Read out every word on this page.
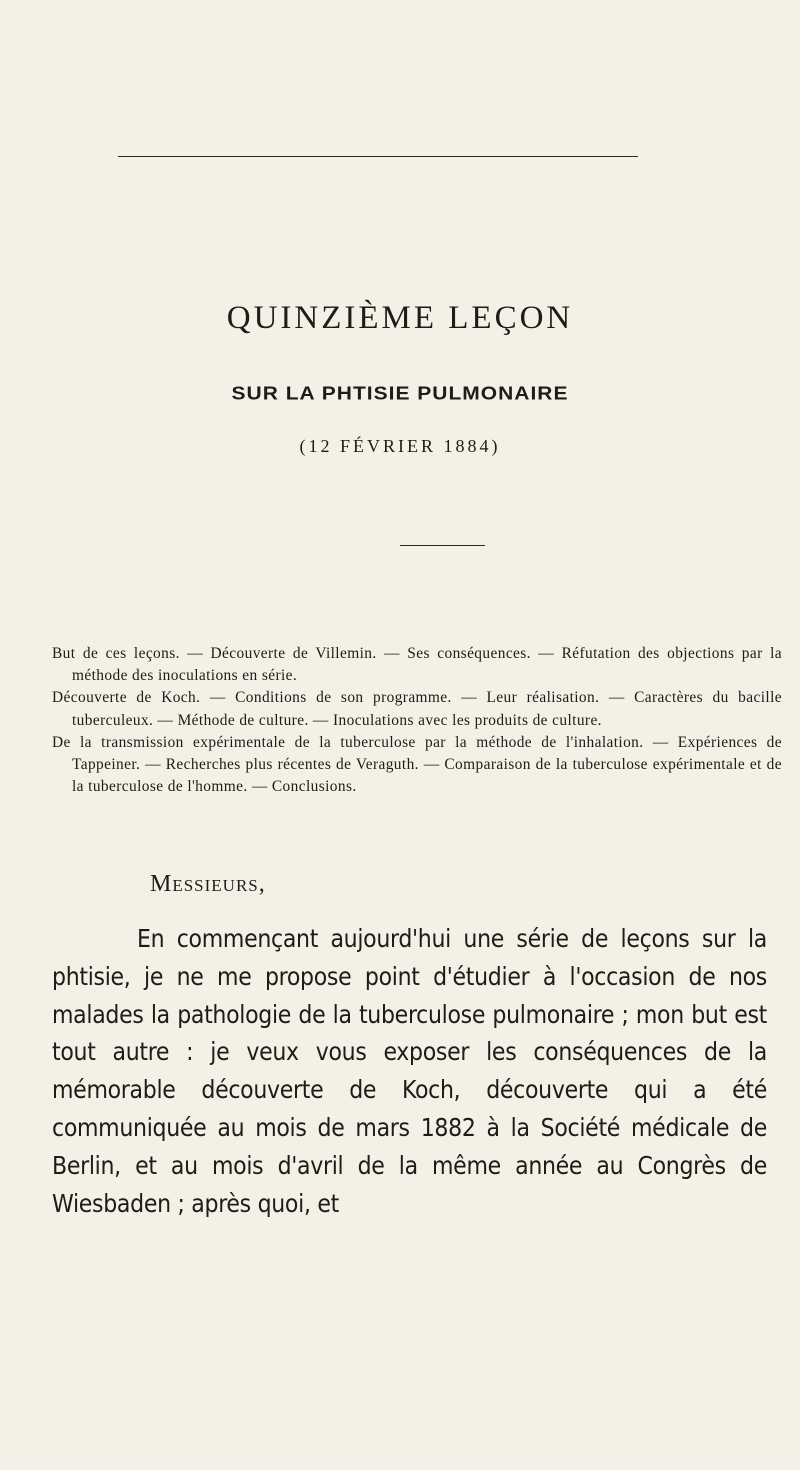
QUINZIÈME LEÇON
SUR LA PHTISIE PULMONAIRE
(12 FÉVRIER 1884)

But de ces leçons. — Découverte de Villemin. — Ses conséquences. — Réfutation des objections par la méthode des inoculations en série.

Découverte de Koch. — Conditions de son programme. — Leur réalisation. — Caractères du bacille tuberculeux. — Méthode de culture. — Inoculations avec les produits de culture.

De la transmission expérimentale de la tuberculose par la méthode de l'inhalation. — Expériences de Tappeiner. — Recherches plus récentes de Veraguth. — Comparaison de la tuberculose expérimentale et de la tuberculose de l'homme. — Conclusions.

Messieurs,

En commençant aujourd'hui une série de leçons sur la phtisie, je ne me propose point d'étudier à l'occasion de nos malades la pathologie de la tuberculose pulmonaire ; mon but est tout autre : je veux vous exposer les conséquences de la mémorable découverte de Koch, découverte qui a été communiquée au mois de mars 1882 à la Société médicale de Berlin, et au mois d'avril de la même année au Congrès de Wiesbaden ; après quoi, et
